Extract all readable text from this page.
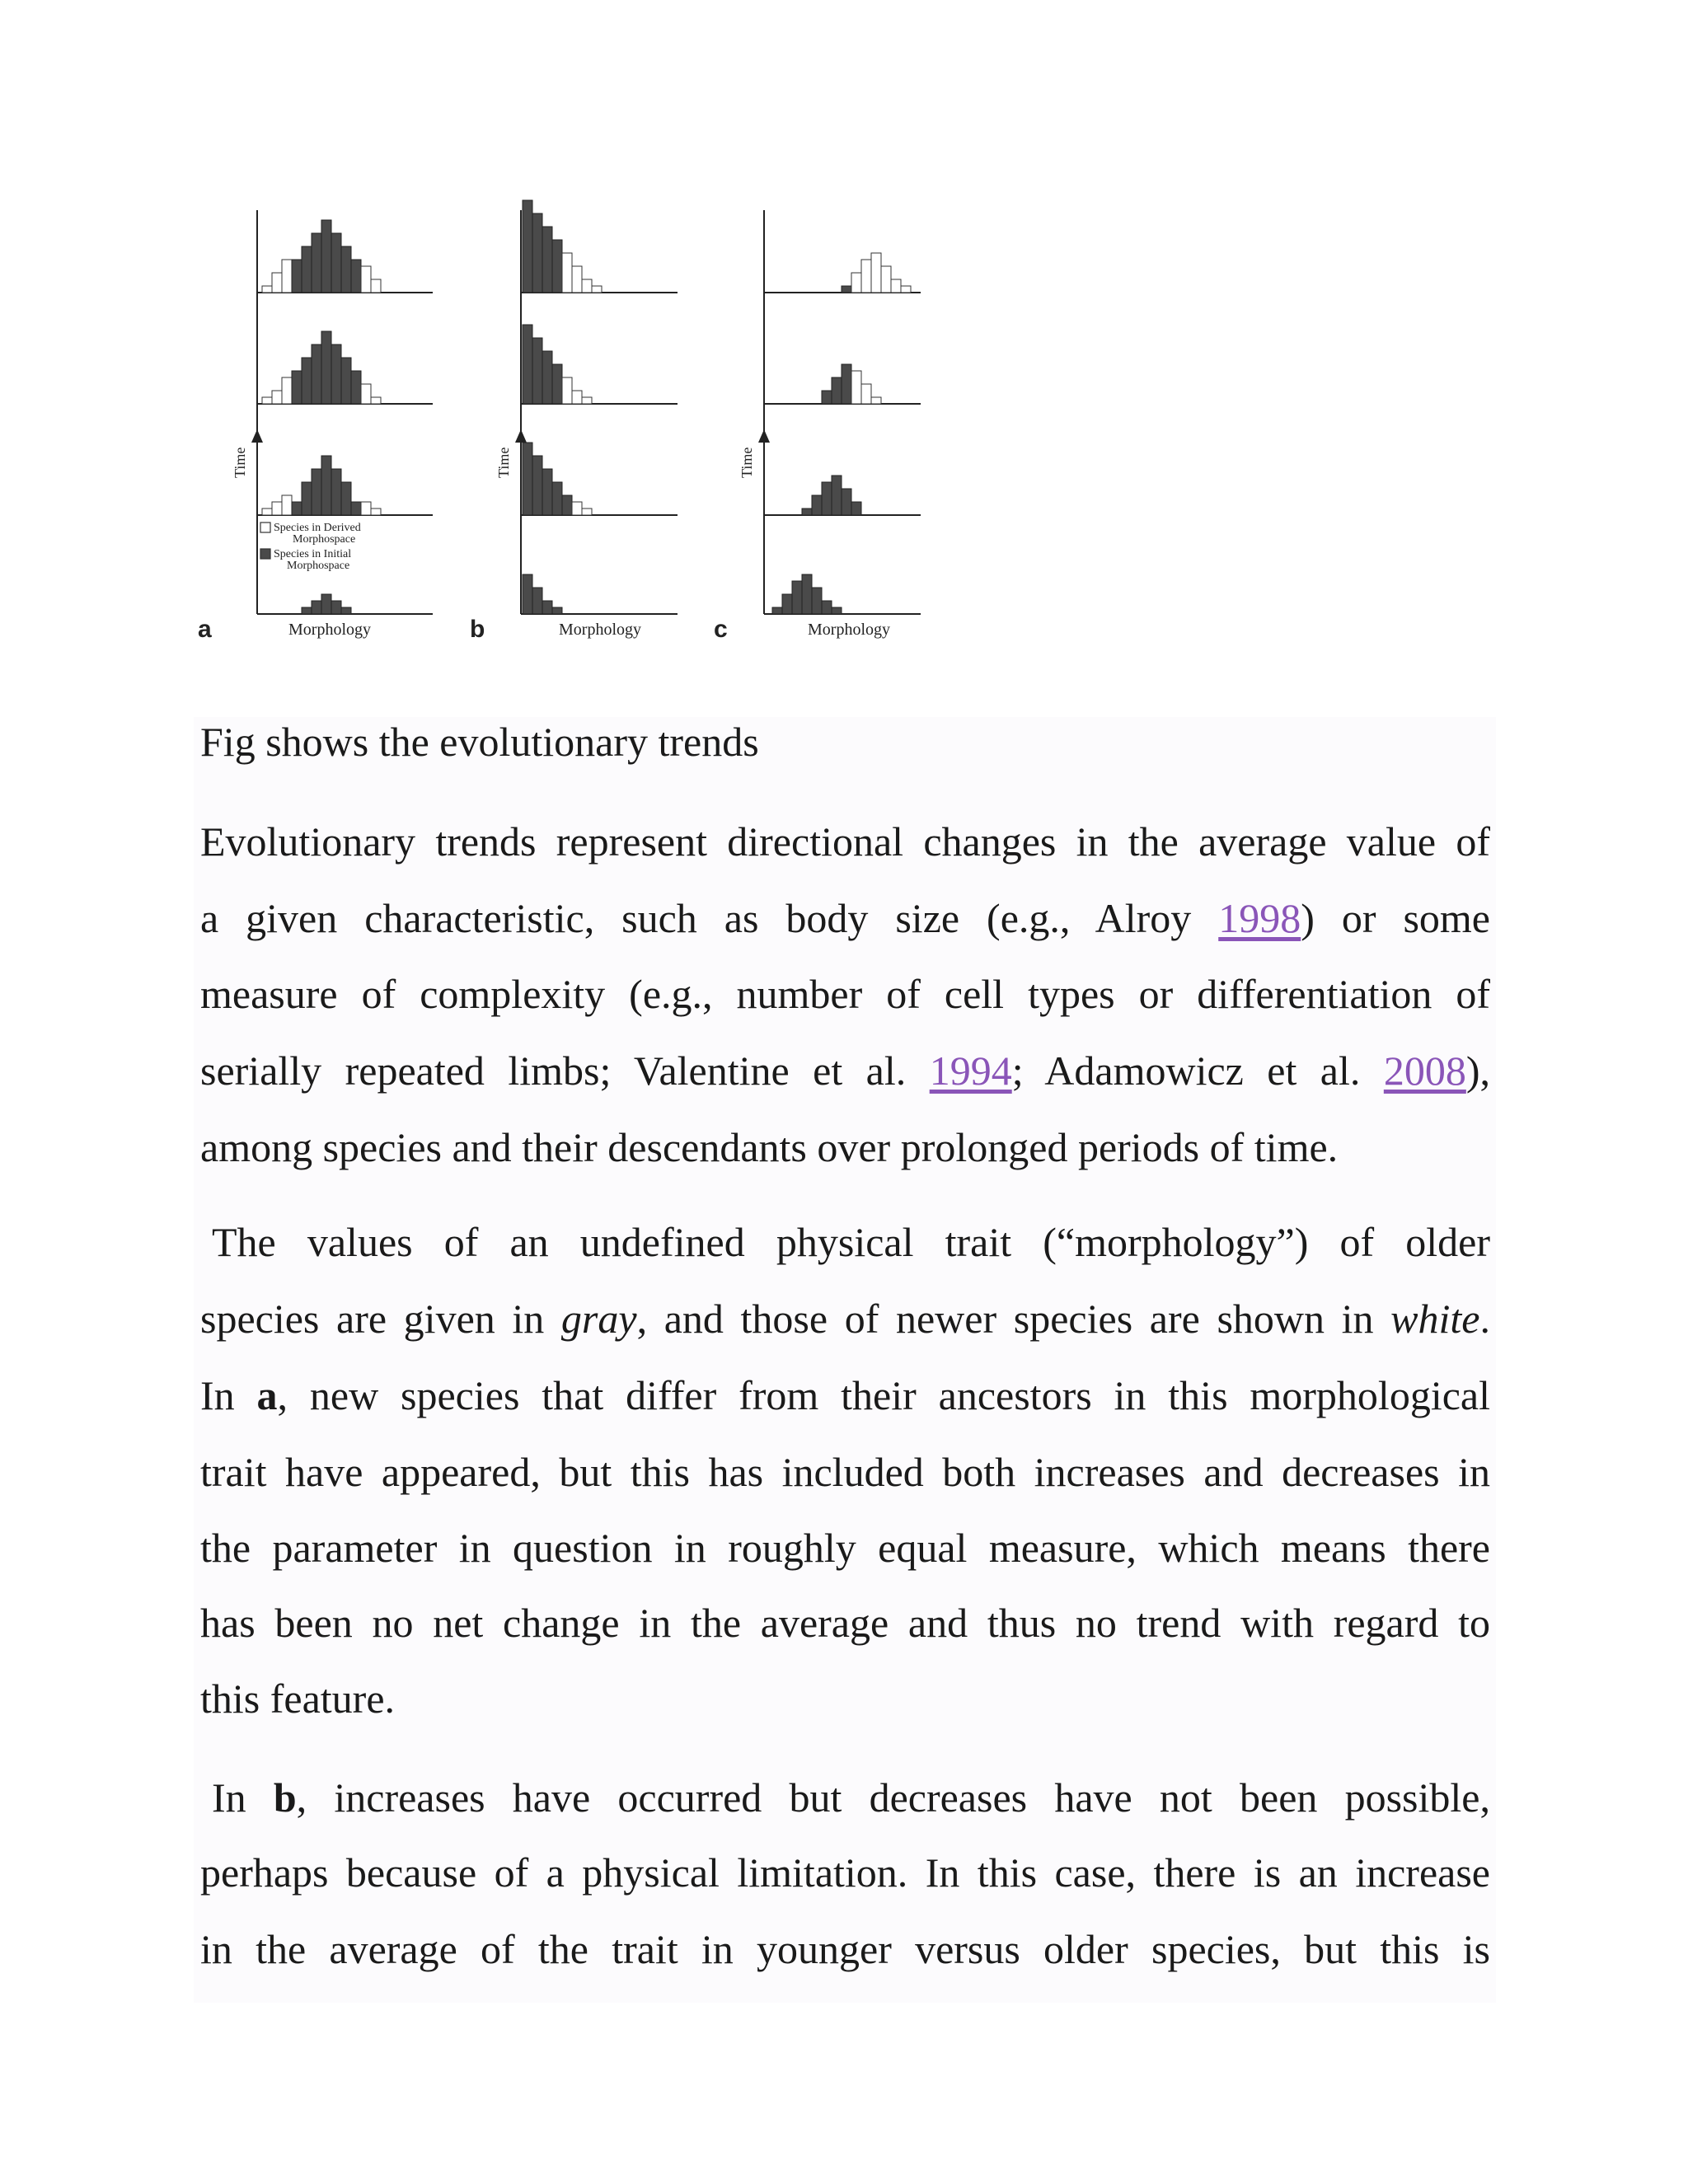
a	Morphology
Time
Species in Derived
Morphospace
Species in Initial
Morphospace
b	Morphology
Time
c	Morphology
Time
Fig shows the evolutionary trends
Evolutionary trends represent directional changes in the average value of
a given characteristic, such as body size (e.g., Alroy 1998) or some
measure of complexity (e.g., number of cell types or differentiation of
serially repeated limbs; Valentine et al. 1994; Adamowicz et al. 2008),
among species and their descendants over prolonged periods of time.
The values of an undefined physical trait (“morphology”) of older
species are given in gray, and those of newer species are shown in white.
In a, new species that differ from their ancestors in this morphological
trait have appeared, but this has included both increases and decreases in
the parameter in question in roughly equal measure, which means there
has been no net change in the average and thus no trend with regard to
this feature.
In b, increases have occurred but decreases have not been possible,
perhaps because of a physical limitation. In this case, there is an increase
in the average of the trait in younger versus older species, but this is
